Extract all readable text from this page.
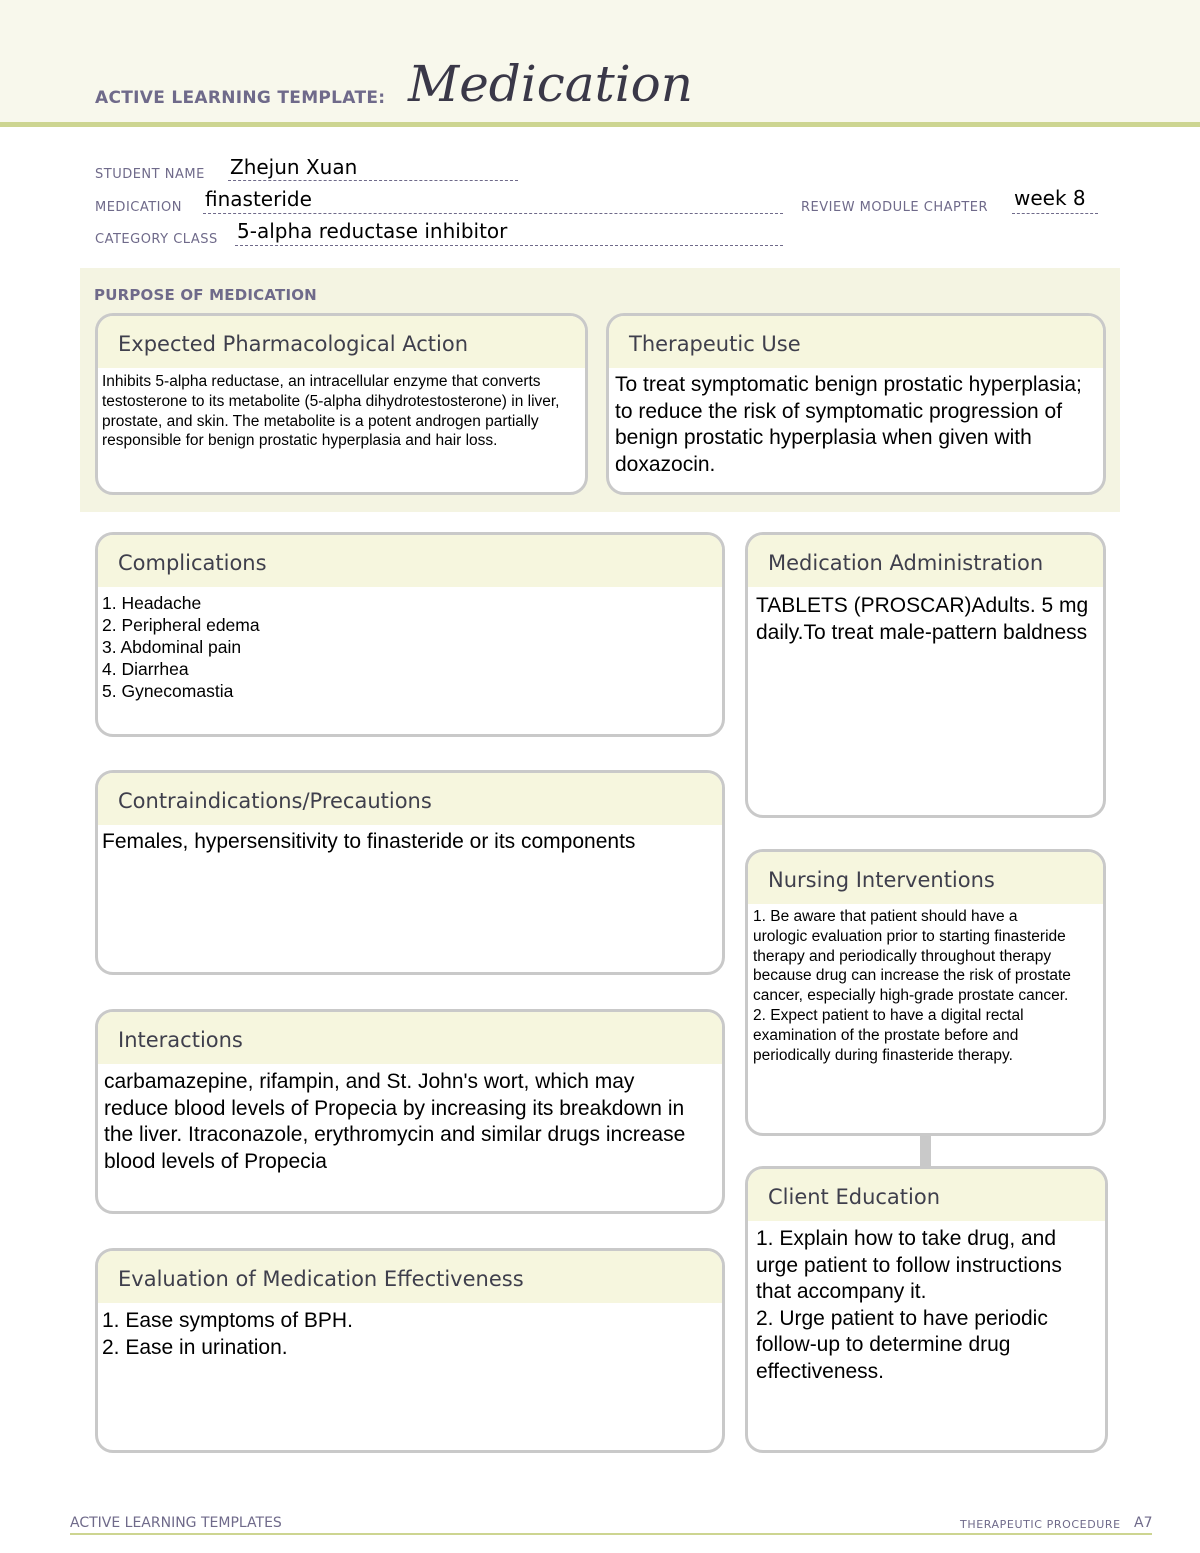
ACTIVE LEARNING TEMPLATE: Medication
STUDENT NAME Zhejun Xuan
MEDICATION finasteride	REVIEW MODULE CHAPTER week 8
CATEGORY CLASS 5-alpha reductase inhibitor
PURPOSE OF MEDICATION
Expected Pharmacological Action
Inhibits 5-alpha reductase, an intracellular enzyme that converts testosterone to its metabolite (5-alpha dihydrotestosterone) in liver, prostate, and skin. The metabolite is a potent androgen partially responsible for benign prostatic hyperplasia and hair loss.
Therapeutic Use
To treat symptomatic benign prostatic hyperplasia; to reduce the risk of symptomatic progression of benign prostatic hyperplasia when given with doxazocin.
Complications
1. Headache
2. Peripheral edema
3. Abdominal pain
4. Diarrhea
5. Gynecomastia
Medication Administration
TABLETS (PROSCAR)Adults. 5 mg daily.To treat male-pattern baldness
Contraindications/Precautions
Females, hypersensitivity to finasteride or its components
Nursing Interventions
1. Be aware that patient should have a urologic evaluation prior to starting finasteride therapy and periodically throughout therapy because drug can increase the risk of prostate cancer, especially high-grade prostate cancer. 2. Expect patient to have a digital rectal examination of the prostate before and periodically during finasteride therapy.
Interactions
carbamazepine, rifampin, and St. John's wort, which may reduce blood levels of Propecia by increasing its breakdown in the liver. Itraconazole, erythromycin and similar drugs increase blood levels of Propecia
Client Education
1. Explain how to take drug, and urge patient to follow instructions that accompany it.
2. Urge patient to have periodic follow-up to determine drug effectiveness.
Evaluation of Medication Effectiveness
1. Ease symptoms of BPH.
2. Ease in urination.
ACTIVE LEARNING TEMPLATES	THERAPEUTIC PROCEDURE A7
